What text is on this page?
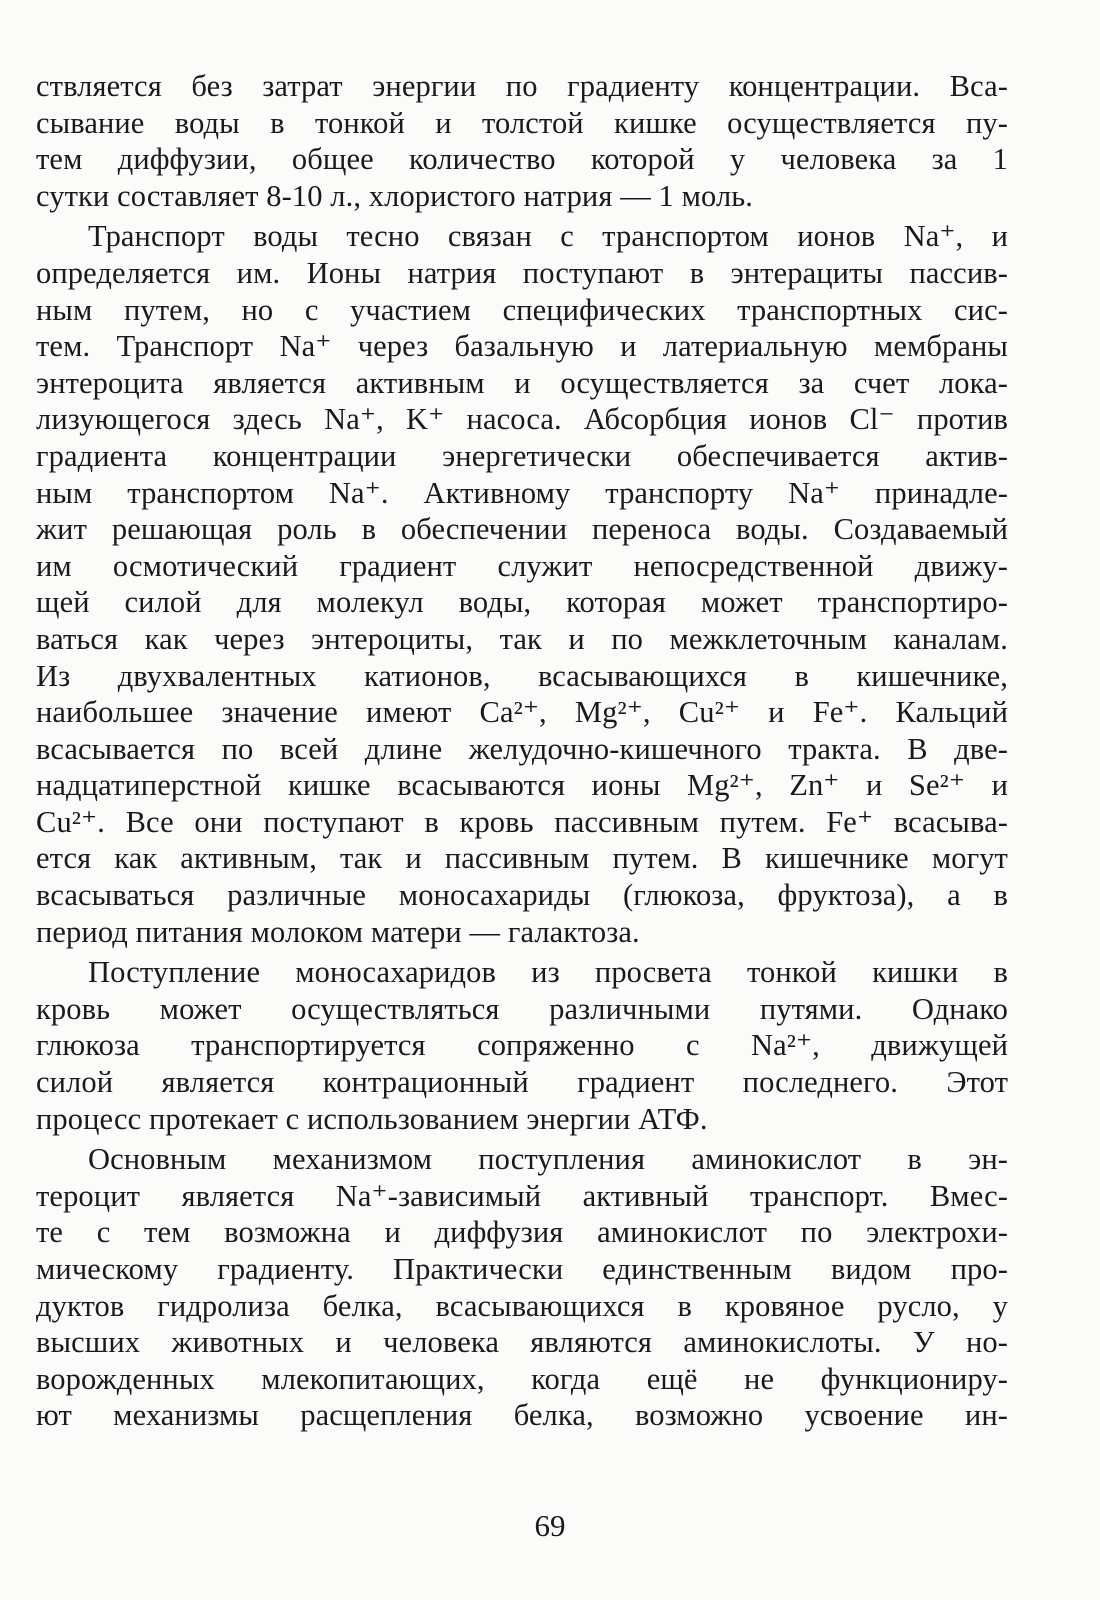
ствляется без затрат энергии по градиенту концентрации. Вса-
сывание воды в тонкой и толстой кишке осуществляется пу-
тем диффузии, общее количество которой у человека за 1
сутки составляет 8-10 л., хлористого натрия — 1 моль.
Транспорт воды тесно связан с транспортом ионов Na⁺, и
определяется им. Ионы натрия поступают в энтерациты пассив-
ным путем, но с участием специфических транспортных сис-
тем. Транспорт Na⁺ через базальную и латериальную мембраны
энтероцита является активным и осуществляется за счет лока-
лизующегося здесь Na⁺, K⁺ насоса. Абсорбция ионов Cl⁻ против
градиента концентрации энергетически обеспечивается актив-
ным транспортом Na⁺. Активному транспорту Na⁺ принадле-
жит решающая роль в обеспечении переноса воды. Создаваемый
им осмотический градиент служит непосредственной движу-
щей силой для молекул воды, которая может транспортиро-
ваться как через энтероциты, так и по межклеточным каналам.
Из двухвалентных катионов, всасывающихся в кишечнике,
наибольшее значение имеют Ca²⁺, Mg²⁺, Cu²⁺ и Fe⁺. Кальций
всасывается по всей длине желудочно-кишечного тракта. В две-
надцатиперстной кишке всасываются ионы Mg²⁺, Zn⁺ и Se²⁺ и
Cu²⁺. Все они поступают в кровь пассивным путем. Fe⁺ всасыва-
ется как активным, так и пассивным путем. В кишечнике могут
всасываться различные моносахариды (глюкоза, фруктоза), а в
период питания молоком матери — галактоза.
Поступление моносахаридов из просвета тонкой кишки в
кровь может осуществляться различными путями. Однако
глюкоза транспортируется сопряженно с Na²⁺, движущей
силой является контрационный градиент последнего. Этот
процесс протекает с использованием энергии АТФ.
Основным механизмом поступления аминокислот в эн-
тероцит является Na⁺-зависимый активный транспорт. Вмес-
те с тем возможна и диффузия аминокислот по электрохи-
мическому градиенту. Практически единственным видом про-
дуктов гидролиза белка, всасывающихся в кровяное русло, у
высших животных и человека являются аминокислоты. У но-
ворожденных млекопитающих, когда ещё не функциониру-
ют механизмы расщепления белка, возможно усвоение ин-
69
